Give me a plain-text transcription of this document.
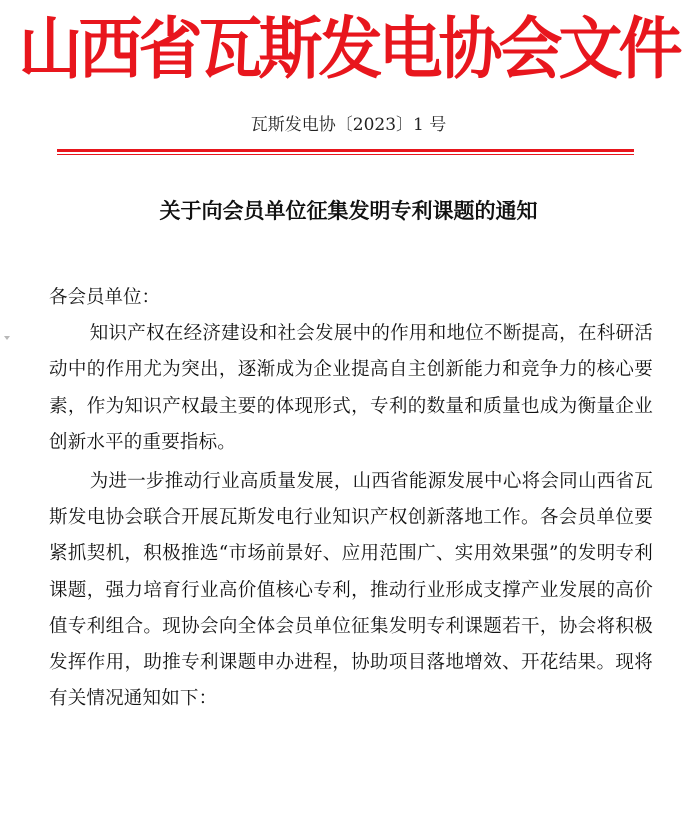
山西省瓦斯发电协会文件
瓦斯发电协〔2023〕1 号
关于向会员单位征集发明专利课题的通知

各会员单位：

知识产权在经济建设和社会发展中的作用和地位不断提高，在科研活动中的作用尤为突出，逐渐成为企业提高自主创新能力和竞争力的核心要素，作为知识产权最主要的体现形式，专利的数量和质量也成为衡量企业创新水平的重要指标。

为进一步推动行业高质量发展，山西省能源发展中心将会同山西省瓦斯发电协会联合开展瓦斯发电行业知识产权创新落地工作。各会员单位要紧抓契机，积极推选“市场前景好、应用范围广、实用效果强”的发明专利课题，强力培育行业高价值核心专利，推动行业形成支撑产业发展的高价值专利组合。现协会向全体会员单位征集发明专利课题若干，协会将积极发挥作用，助推专利课题申办进程，协助项目落地增效、开花结果。现将有关情况通知如下：
